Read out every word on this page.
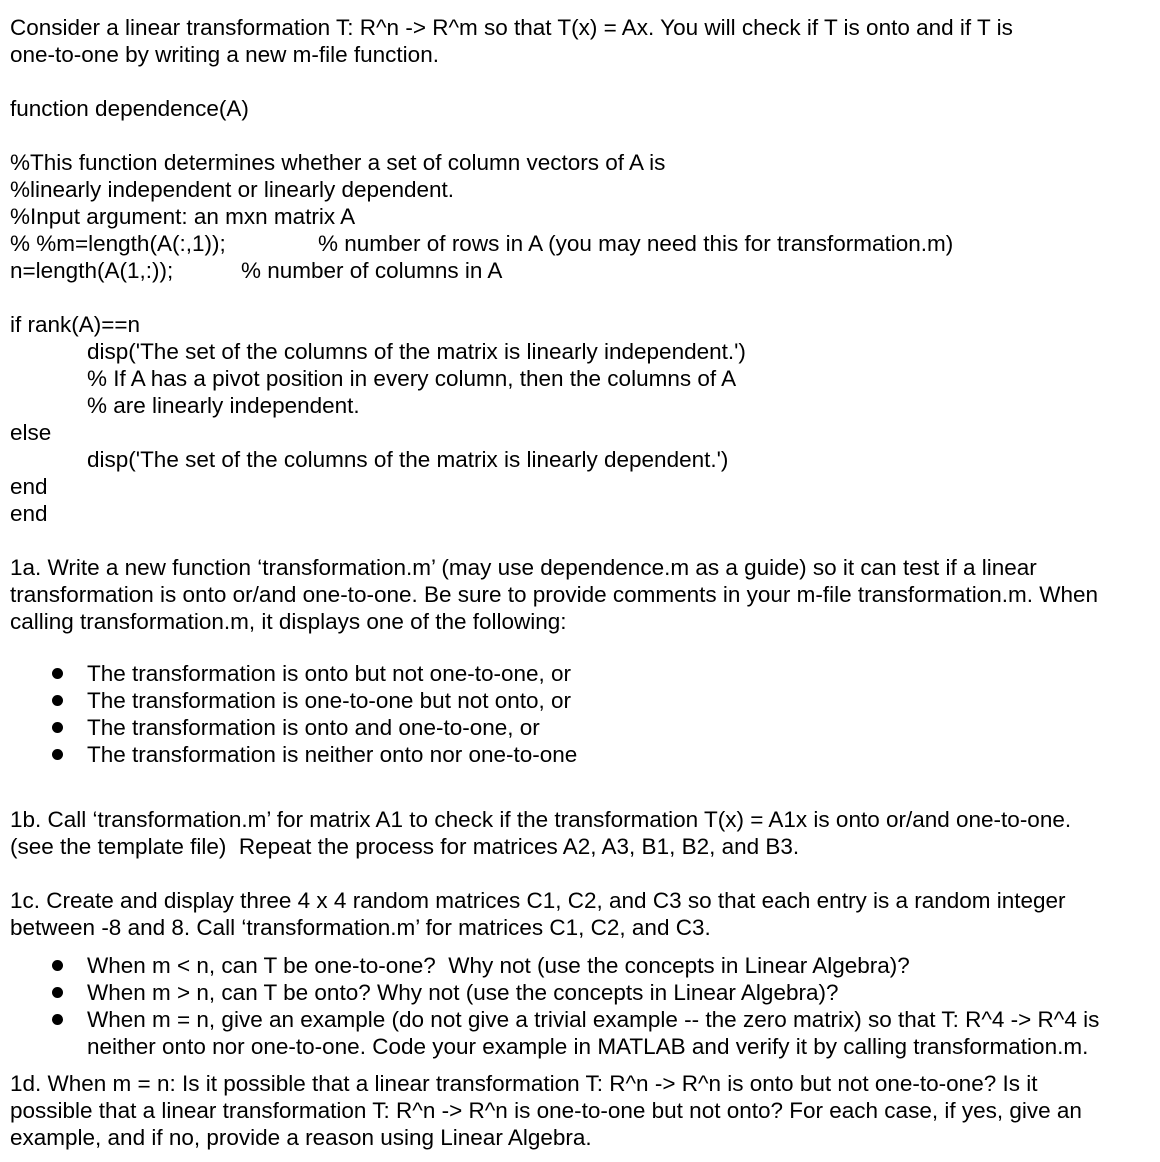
Consider a linear transformation T: R^n -> R^m so that T(x) = Ax. You will check if T is onto and if T is
one-to-one by writing a new m-file function.
function dependence(A)
%This function determines whether a set of column vectors of A is
%linearly independent or linearly dependent.
%Input argument: an mxn matrix A
% %m=length(A(:,1));	% number of rows in A (you may need this for transformation.m)
n=length(A(1,:));	% number of columns in A
if rank(A)==n
disp('The set of the columns of the matrix is linearly independent.')
% If A has a pivot position in every column, then the columns of A
% are linearly independent.
else
disp('The set of the columns of the matrix is linearly dependent.')
end
end
1a. Write a new function ‘transformation.m’ (may use dependence.m as a guide) so it can test if a linear
transformation is onto or/and one-to-one. Be sure to provide comments in your m-file transformation.m. When
calling transformation.m, it displays one of the following:
The transformation is onto but not one-to-one, or
The transformation is one-to-one but not onto, or
The transformation is onto and one-to-one, or
The transformation is neither onto nor one-to-one
1b. Call ‘transformation.m’ for matrix A1 to check if the transformation T(x) = A1x is onto or/and one-to-one.
(see the template file)  Repeat the process for matrices A2, A3, B1, B2, and B3.
1c. Create and display three 4 x 4 random matrices C1, C2, and C3 so that each entry is a random integer
between -8 and 8. Call ‘transformation.m’ for matrices C1, C2, and C3.
When m < n, can T be one-to-one?  Why not (use the concepts in Linear Algebra)?
When m > n, can T be onto? Why not (use the concepts in Linear Algebra)?
When m = n, give an example (do not give a trivial example -- the zero matrix) so that T: R^4 -> R^4 is
neither onto nor one-to-one. Code your example in MATLAB and verify it by calling transformation.m.
1d. When m = n: Is it possible that a linear transformation T: R^n -> R^n is onto but not one-to-one? Is it
possible that a linear transformation T: R^n -> R^n is one-to-one but not onto? For each case, if yes, give an
example, and if no, provide a reason using Linear Algebra.
